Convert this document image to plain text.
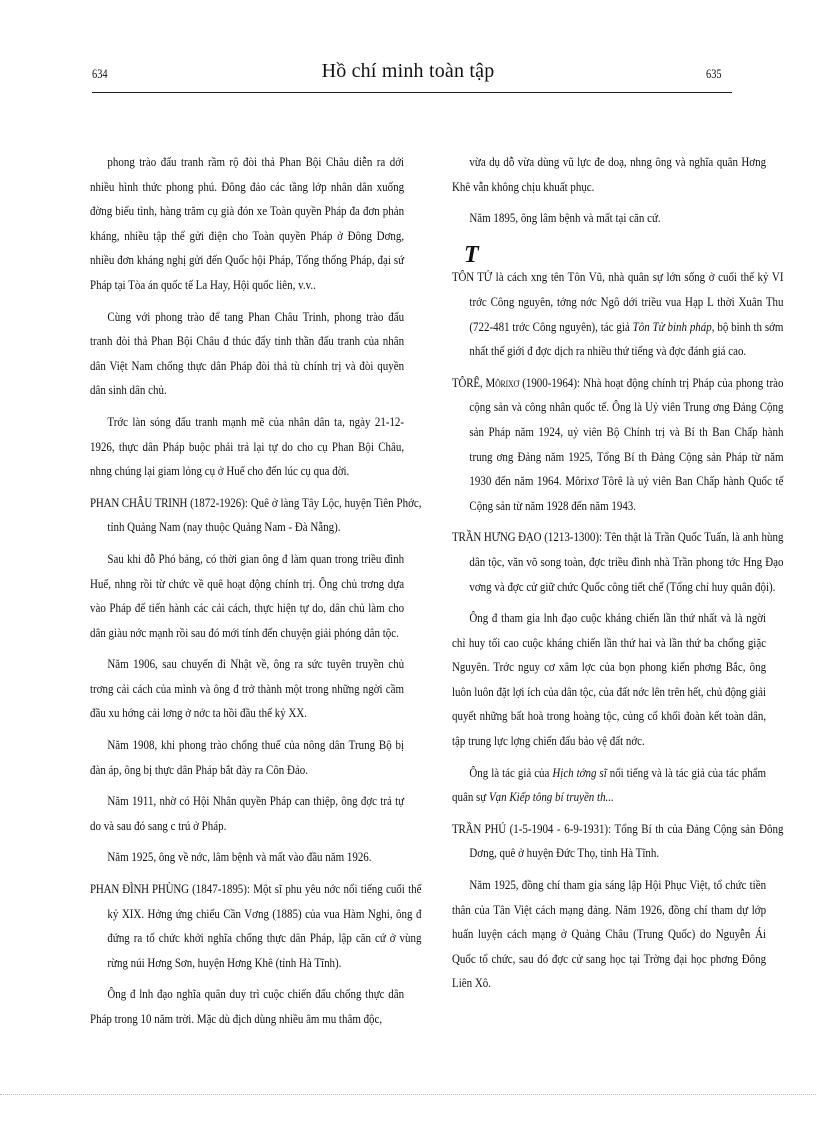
634	Hồ chí minh toàn tập	635

phong trào đấu tranh rầm rộ đòi thả Phan Bội Châu diễn ra dới nhiều hình thức phong phú. Đông đảo các tầng lớp nhân dân xuống đờng biểu tình, hàng trăm cụ già đón xe Toàn quyền Pháp đa đơn phản kháng, nhiều tập thể gửi điện cho Toàn quyền Pháp ở Đông Dơng, nhiều đơn kháng nghị gửi đến Quốc hội Pháp, Tổng thống Pháp, đại sứ Pháp tại Tòa án quốc tế La Hay, Hội quốc liên, v.v..

Cùng với phong trào để tang Phan Châu Trinh, phong trào đấu tranh đòi thả Phan Bội Châu đ thúc đẩy tinh thần đấu tranh của nhân dân Việt Nam chống thực dân Pháp đòi thả tù chính trị và đòi quyền dân sinh dân chủ.

Trớc làn sóng đấu tranh mạnh mẽ của nhân dân ta, ngày 21-12-1926, thực dân Pháp buộc phải trả lại tự do cho cụ Phan Bội Châu, nhng chúng lại giam lỏng cụ ở Huế cho đến lúc cụ qua đời.

PHAN CHÂU TRINH (1872-1926): Quê ở làng Tây Lộc, huyện Tiên Phớc, tỉnh Quảng Nam (nay thuộc Quảng Nam - Đà Nẵng).

Sau khi đỗ Phó bảng, có thời gian ông đ làm quan trong triều đình Huế, nhng rồi từ chức về quê hoạt động chính trị. Ông chủ trơng dựa vào Pháp để tiến hành các cải cách, thực hiện tự do, dân chủ làm cho dân giàu nớc mạnh rồi sau đó mới tính đến chuyện giải phóng dân tộc.

Năm 1906, sau chuyến đi Nhật về, ông ra sức tuyên truyền chủ trơng cải cách của mình và ông đ trở thành một trong những ngời cầm đầu xu hớng cải lơng ở nớc ta hồi đầu thế kỷ XX.

Năm 1908, khi phong trào chống thuế của nông dân Trung Bộ bị đàn áp, ông bị thực dân Pháp bắt đày ra Côn Đảo.

Năm 1911, nhờ có Hội Nhân quyền Pháp can thiệp, ông đợc trả tự do và sau đó sang c trú ở Pháp.

Năm 1925, ông về nớc, lâm bệnh và mất vào đầu năm 1926.

PHAN ĐÌNH PHÙNG (1847-1895): Một sĩ phu yêu nớc nổi tiếng cuối thế kỷ XIX. Hởng ứng chiếu Cần Vơng (1885) của vua Hàm Nghi, ông đ đứng ra tổ chức khởi nghĩa chống thực dân Pháp, lập căn cứ ở vùng rừng núi Hơng Sơn, huyện Hơng Khê (tỉnh Hà Tĩnh).

Ông đ lnh đạo nghĩa quân duy trì cuộc chiến đấu chống thực dân Pháp trong 10 năm trời. Mặc dù địch dùng nhiều âm mu thâm độc,

vừa dụ dỗ vừa dùng vũ lực đe doạ, nhng ông và nghĩa quân Hơng Khê vẫn không chịu khuất phục.

Năm 1895, ông lâm bệnh và mất tại căn cứ.

T

TÔN TỬ là cách xng tên Tôn Vũ, nhà quân sự lớn sống ở cuối thế kỷ VI trớc Công nguyên, tớng nớc Ngô dới triều vua Hạp L thời Xuân Thu (722-481 trớc Công nguyên), tác giả Tôn Tử binh pháp, bộ binh th sớm nhất thế giới đ đợc dịch ra nhiều thứ tiếng và đợc đánh giá cao.

TÔRÊ, Môrixơ (1900-1964): Nhà hoạt động chính trị Pháp của phong trào cộng sản và công nhân quốc tế. Ông là Uỷ viên Trung ơng Đảng Cộng sản Pháp năm 1924, uỷ viên Bộ Chính trị và Bí th Ban Chấp hành trung ơng Đảng năm 1925, Tổng Bí th Đảng Cộng sản Pháp từ năm 1930 đến năm 1964. Môrixơ Tôrê là uỷ viên Ban Chấp hành Quốc tế Cộng sản từ năm 1928 đến năm 1943.

TRẦN HƯNG ĐẠO (1213-1300): Tên thật là Trần Quốc Tuấn, là anh hùng dân tộc, văn võ song toàn, đợc triều đình nhà Trần phong tớc Hng Đạo vơng và đợc cử giữ chức Quốc công tiết chế (Tổng chỉ huy quân đội).

Ông đ tham gia lnh đạo cuộc kháng chiến lần thứ nhất và là ngời chỉ huy tối cao cuộc kháng chiến lần thứ hai và lần thứ ba chống giặc Nguyên. Trớc nguy cơ xâm lợc của bọn phong kiến phơng Bắc, ông luôn luôn đặt lợi ích của dân tộc, của đất nớc lên trên hết, chủ động giải quyết những bất hoà trong hoàng tộc, củng cố khối đoàn kết toàn dân, tập trung lực lợng chiến đấu bảo vệ đất nớc.

Ông là tác giả của Hịch tớng sĩ nổi tiếng và là tác giả của tác phẩm quân sự Vạn Kiếp tông bí truyền th...

TRẦN PHÚ (1-5-1904 - 6-9-1931): Tổng Bí th của Đảng Cộng sản Đông Dơng, quê ở huyện Đức Thọ, tỉnh Hà Tĩnh.

Năm 1925, đồng chí tham gia sáng lập Hội Phục Việt, tổ chức tiền thân của Tân Việt cách mạng đảng. Năm 1926, đồng chí tham dự lớp huấn luyện cách mạng ở Quảng Châu (Trung Quốc) do Nguyễn Ái Quốc tổ chức, sau đó đợc cử sang học tại Trờng đại học phơng Đông Liên Xô.
